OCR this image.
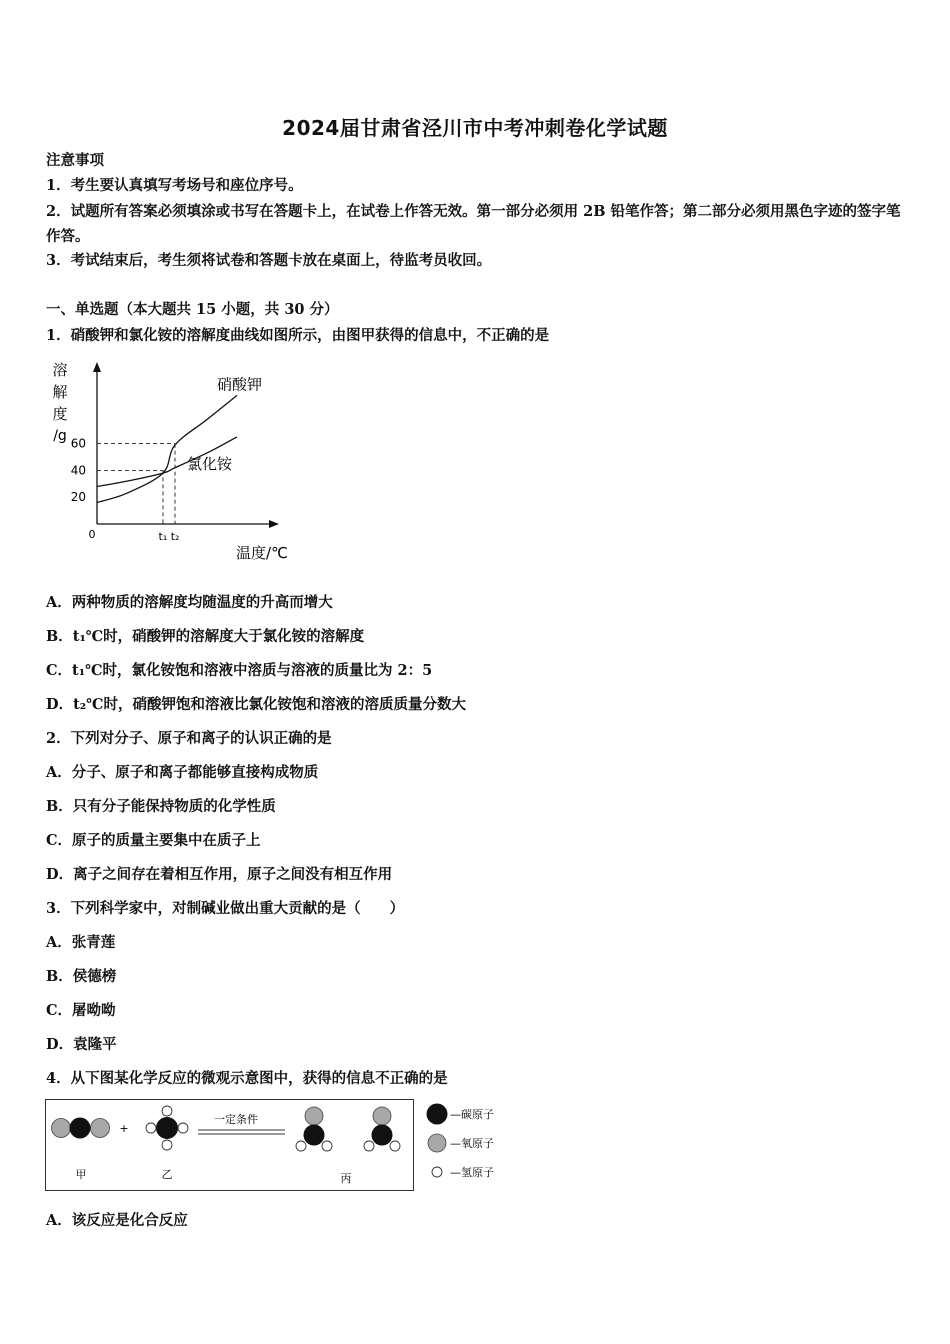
2024届甘肃省泾川市中考冲刺卷化学试题
注意事项
1．考生要认真填写考场号和座位序号。
2．试题所有答案必须填涂或书写在答题卡上，在试卷上作答无效。第一部分必须用 2B 铅笔作答；第二部分必须用黑色字迹的签字笔作答。
3．考试结束后，考生须将试卷和答题卡放在桌面上，待监考员收回。
一、单选题（本大题共 15 小题，共 30 分）
1．硝酸钾和氯化铵的溶解度曲线如图所示，由图甲获得的信息中，不正确的是
溶
解
度
/g
0
20
40
60
t₁ t₂
硝酸钾
氯化铵
温度/℃
A．两种物质的溶解度均随温度的升高而增大
B．t₁℃时，硝酸钾的溶解度大于氯化铵的溶解度
C．t₁℃时，氯化铵饱和溶液中溶质与溶液的质量比为 2：5
D．t₂℃时，硝酸钾饱和溶液比氯化铵饱和溶液的溶质质量分数大
2．下列对分子、原子和离子的认识正确的是
A．分子、原子和离子都能够直接构成物质
B．只有分子能保持物质的化学性质
C．原子的质量主要集中在质子上
D．离子之间存在着相互作用，原子之间没有相互作用
3．下列科学家中，对制碱业做出重大贡献的是（　　）
A．张青莲
B．侯德榜
C．屠呦呦
D．袁隆平
4．从下图某化学反应的微观示意图中，获得的信息不正确的是
+
一定条件
甲	乙	丙
—碳原子
—氧原子
—氢原子
A．该反应是化合反应
